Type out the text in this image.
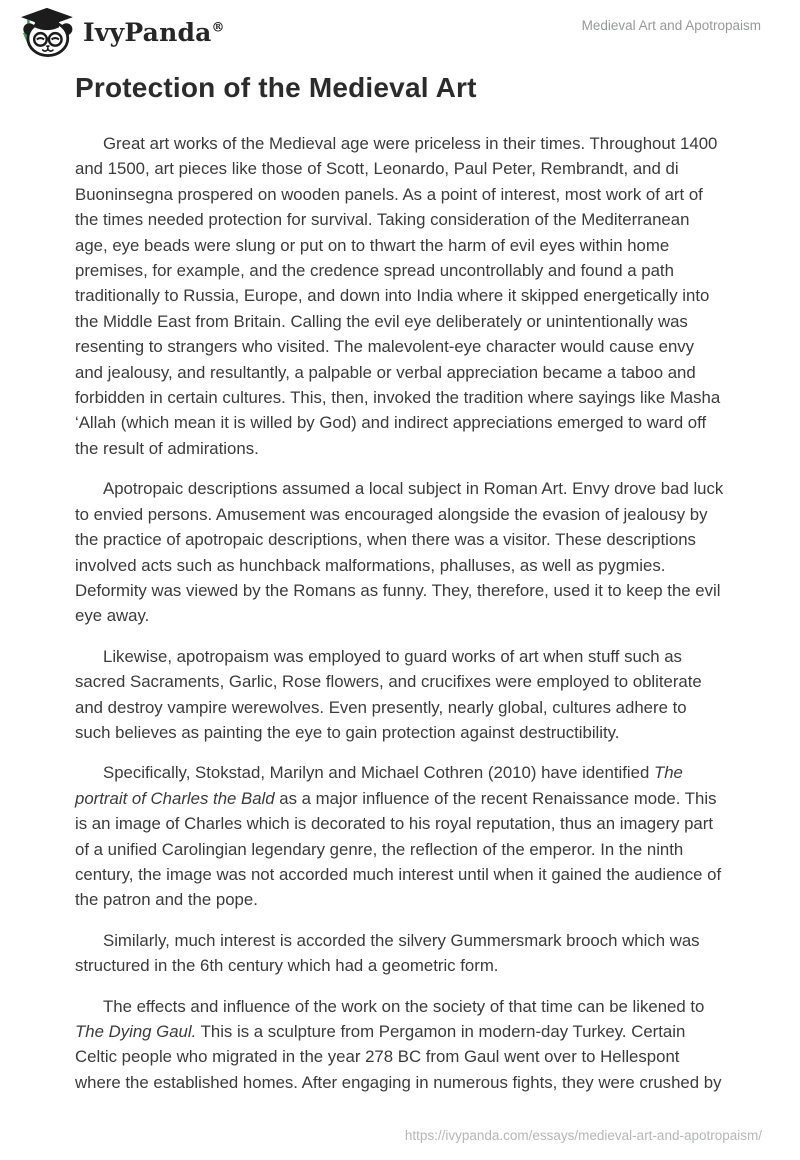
IvyPanda®	Medieval Art and Apotropaism
Protection of the Medieval Art

Great art works of the Medieval age were priceless in their times. Throughout 1400 and 1500, art pieces like those of Scott, Leonardo, Paul Peter, Rembrandt, and di Buoninsegna prospered on wooden panels. As a point of interest, most work of art of the times needed protection for survival. Taking consideration of the Mediterranean age, eye beads were slung or put on to thwart the harm of evil eyes within home premises, for example, and the credence spread uncontrollably and found a path traditionally to Russia, Europe, and down into India where it skipped energetically into the Middle East from Britain. Calling the evil eye deliberately or unintentionally was resenting to strangers who visited. The malevolent-eye character would cause envy and jealousy, and resultantly, a palpable or verbal appreciation became a taboo and forbidden in certain cultures. This, then, invoked the tradition where sayings like Masha ‘Allah (which mean it is willed by God) and indirect appreciations emerged to ward off the result of admirations.

Apotropaic descriptions assumed a local subject in Roman Art. Envy drove bad luck to envied persons. Amusement was encouraged alongside the evasion of jealousy by the practice of apotropaic descriptions, when there was a visitor. These descriptions involved acts such as hunchback malformations, phalluses, as well as pygmies. Deformity was viewed by the Romans as funny. They, therefore, used it to keep the evil eye away.

Likewise, apotropaism was employed to guard works of art when stuff such as sacred Sacraments, Garlic, Rose flowers, and crucifixes were employed to obliterate and destroy vampire werewolves. Even presently, nearly global, cultures adhere to such believes as painting the eye to gain protection against destructibility.

Specifically, Stokstad, Marilyn and Michael Cothren (2010) have identified The portrait of Charles the Bald as a major influence of the recent Renaissance mode. This is an image of Charles which is decorated to his royal reputation, thus an imagery part of a unified Carolingian legendary genre, the reflection of the emperor. In the ninth century, the image was not accorded much interest until when it gained the audience of the patron and the pope.

Similarly, much interest is accorded the silvery Gummersmark brooch which was structured in the 6th century which had a geometric form.

The effects and influence of the work on the society of that time can be likened to The Dying Gaul. This is a sculpture from Pergamon in modern-day Turkey. Certain Celtic people who migrated in the year 278 BC from Gaul went over to Hellespont where the established homes. After engaging in numerous fights, they were crushed by

https://ivypanda.com/essays/medieval-art-and-apotropaism/
